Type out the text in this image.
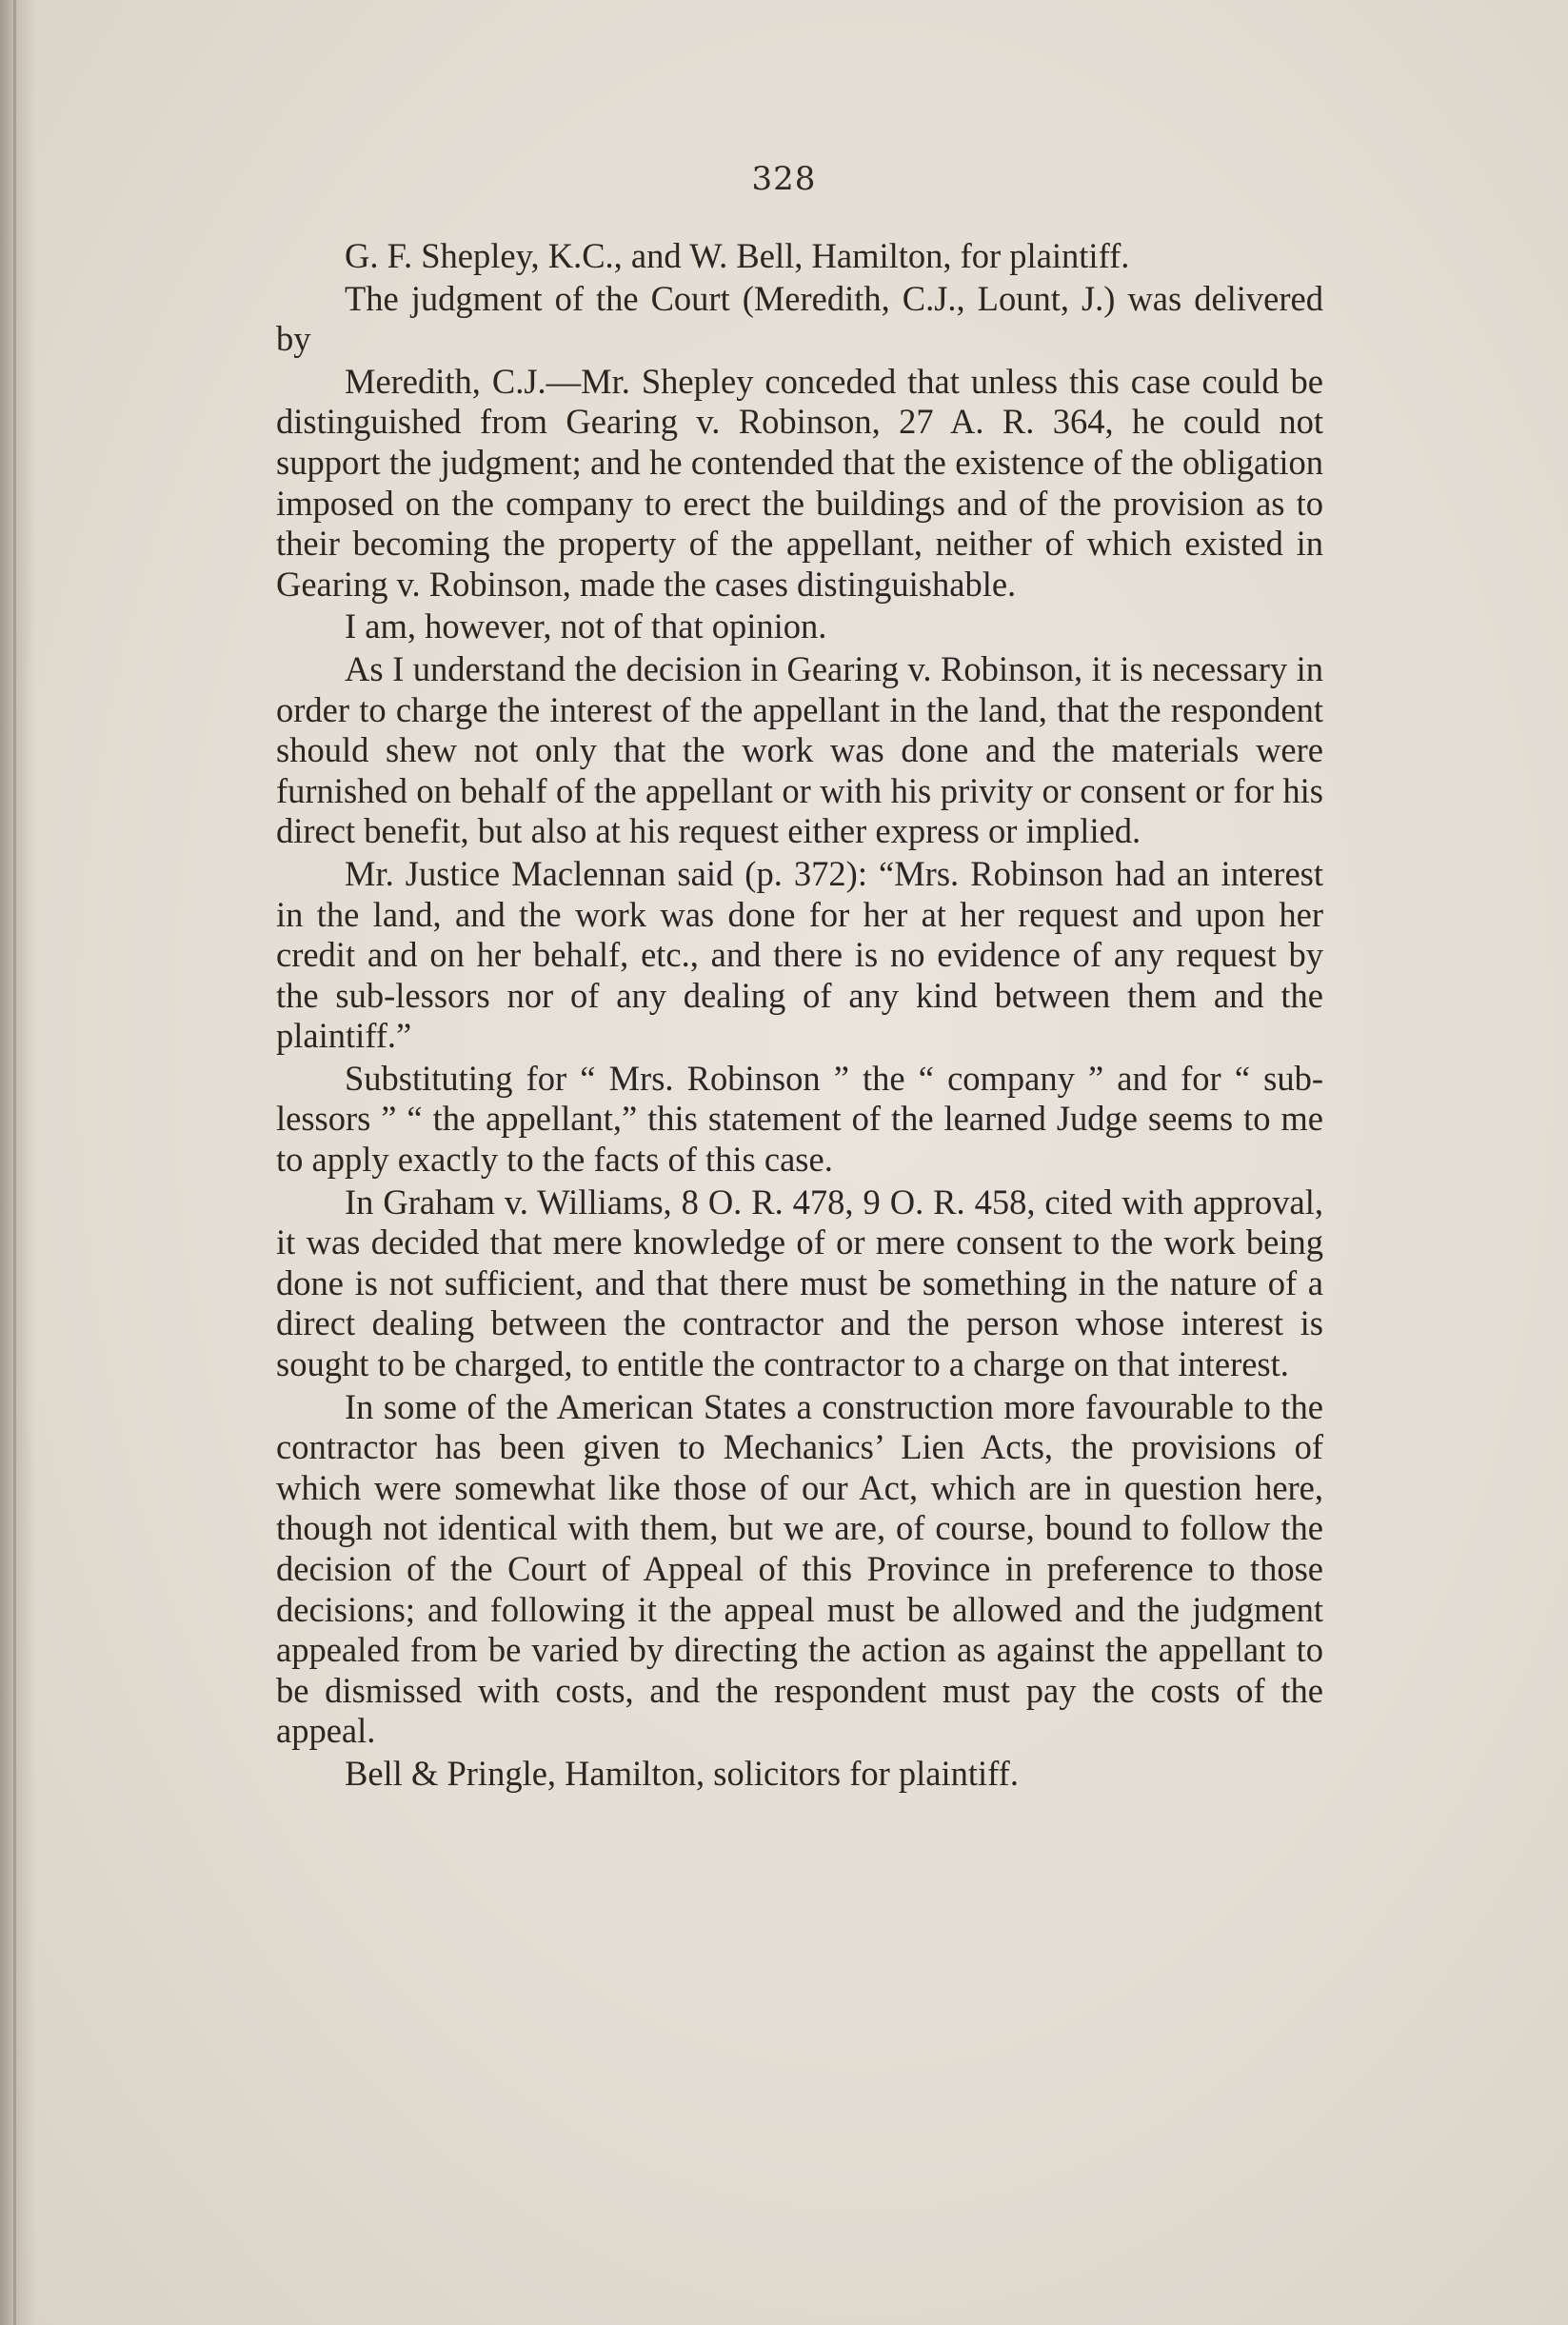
328

G. F. Shepley, K.C., and W. Bell, Hamilton, for plaintiff.

The judgment of the Court (Meredith, C.J., Lount, J.) was delivered by

Meredith, C.J.—Mr. Shepley conceded that unless this case could be distinguished from Gearing v. Robinson, 27 A. R. 364, he could not support the judgment; and he contended that the existence of the obligation imposed on the company to erect the buildings and of the provision as to their becoming the property of the appellant, neither of which existed in Gearing v. Robinson, made the cases distinguishable.

I am, however, not of that opinion.

As I understand the decision in Gearing v. Robinson, it is necessary in order to charge the interest of the appellant in the land, that the respondent should shew not only that the work was done and the materials were furnished on behalf of the appellant or with his privity or consent or for his direct benefit, but also at his request either express or implied.

Mr. Justice Maclennan said (p. 372): “Mrs. Robinson had an interest in the land, and the work was done for her at her request and upon her credit and on her behalf, etc., and there is no evidence of any request by the sub-lessors nor of any dealing of any kind between them and the plaintiff.”

Substituting for “ Mrs. Robinson ” the “ company ” and for “ sub-lessors ” “ the appellant,” this statement of the learned Judge seems to me to apply exactly to the facts of this case.

In Graham v. Williams, 8 O. R. 478, 9 O. R. 458, cited with approval, it was decided that mere knowledge of or mere consent to the work being done is not sufficient, and that there must be something in the nature of a direct dealing between the contractor and the person whose interest is sought to be charged, to entitle the contractor to a charge on that interest.

In some of the American States a construction more favourable to the contractor has been given to Mechanics’ Lien Acts, the provisions of which were somewhat like those of our Act, which are in question here, though not identical with them, but we are, of course, bound to follow the decision of the Court of Appeal of this Province in preference to those decisions; and following it the appeal must be allowed and the judgment appealed from be varied by directing the action as against the appellant to be dismissed with costs, and the respondent must pay the costs of the appeal.

Bell & Pringle, Hamilton, solicitors for plaintiff.
